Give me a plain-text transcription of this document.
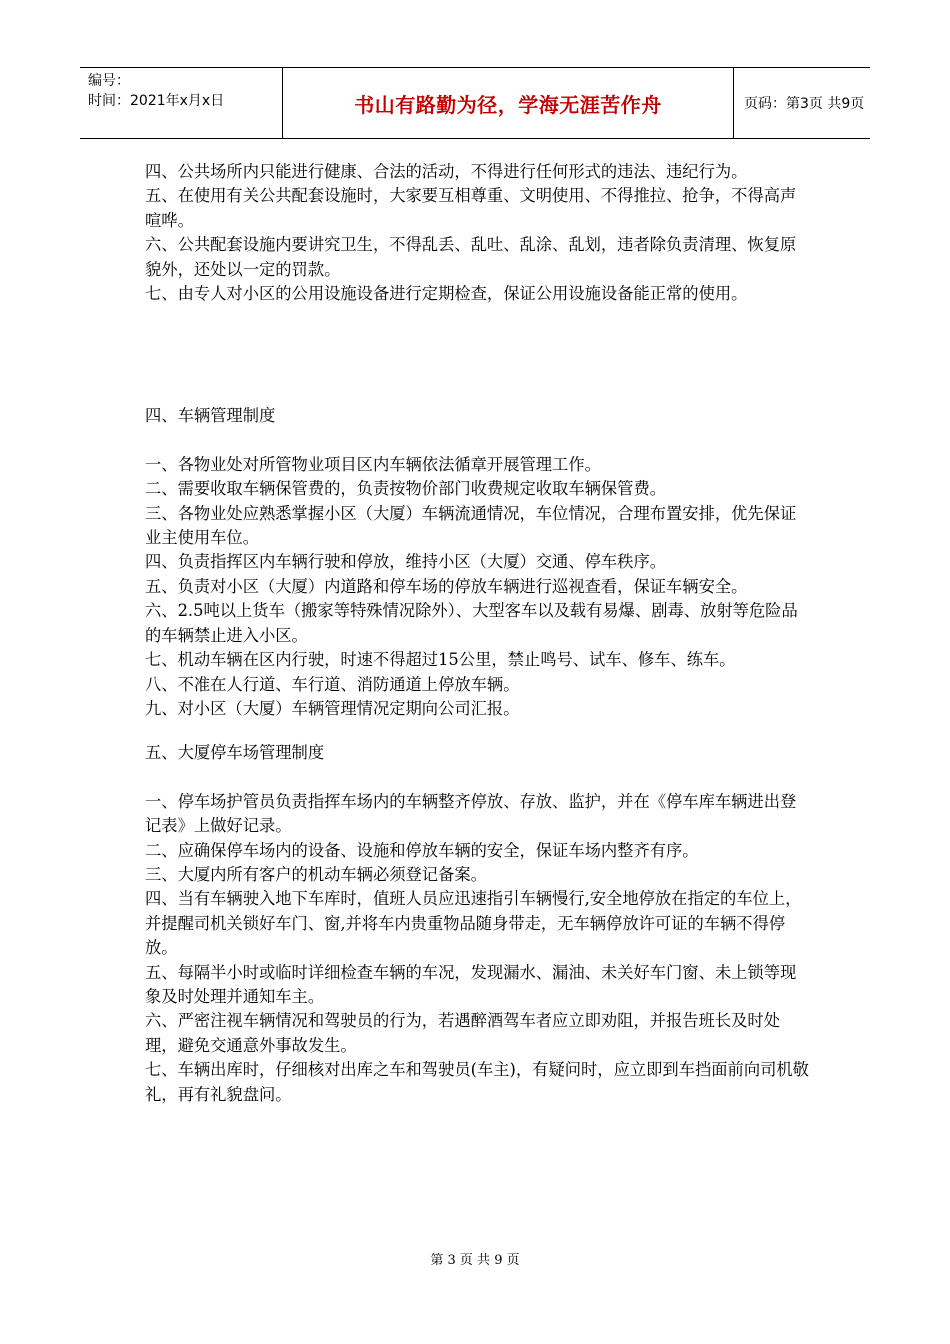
编号：
时间：2021年x月x日	书山有路勤为径，学海无涯苦作舟	页码：第3页 共9页

四、公共场所内只能进行健康、合法的活动，不得进行任何形式的违法、违纪行为。

五、在使用有关公共配套设施时，大家要互相尊重、文明使用、不得推拉、抢争，不得高声喧哗。

六、公共配套设施内要讲究卫生，不得乱丢、乱吐、乱涂、乱划，违者除负责清理、恢复原貌外，还处以一定的罚款。

七、由专人对小区的公用设施设备进行定期检查，保证公用设施设备能正常的使用。

四、车辆管理制度

一、各物业处对所管物业项目区内车辆依法循章开展管理工作。

二、需要收取车辆保管费的，负责按物价部门收费规定收取车辆保管费。

三、各物业处应熟悉掌握小区（大厦）车辆流通情况，车位情况，合理布置安排，优先保证业主使用车位。

四、负责指挥区内车辆行驶和停放，维持小区（大厦）交通、停车秩序。

五、负责对小区（大厦）内道路和停车场的停放车辆进行巡视查看，保证车辆安全。

六、2.5吨以上货车（搬家等特殊情况除外）、大型客车以及载有易爆、剧毒、放射等危险品的车辆禁止进入小区。

七、机动车辆在区内行驶，时速不得超过15公里，禁止鸣号、试车、修车、练车。

八、不准在人行道、车行道、消防通道上停放车辆。

九、对小区（大厦）车辆管理情况定期向公司汇报。

五、大厦停车场管理制度

一、停车场护管员负责指挥车场内的车辆整齐停放、存放、监护，并在《停车库车辆进出登记表》上做好记录。

二、应确保停车场内的设备、设施和停放车辆的安全，保证车场内整齐有序。

三、大厦内所有客户的机动车辆必须登记备案。

四、当有车辆驶入地下车库时，值班人员应迅速指引车辆慢行,安全地停放在指定的车位上，并提醒司机关锁好车门、窗,并将车内贵重物品随身带走，无车辆停放许可证的车辆不得停放。

五、每隔半小时或临时详细检查车辆的车况，发现漏水、漏油、未关好车门窗、未上锁等现象及时处理并通知车主。

六、严密注视车辆情况和驾驶员的行为，若遇醉酒驾车者应立即劝阻，并报告班长及时处理，避免交通意外事故发生。

七、车辆出库时，仔细核对出库之车和驾驶员(车主)，有疑问时，应立即到车挡面前向司机敬礼，再有礼貌盘问。

第 3 页 共 9 页
